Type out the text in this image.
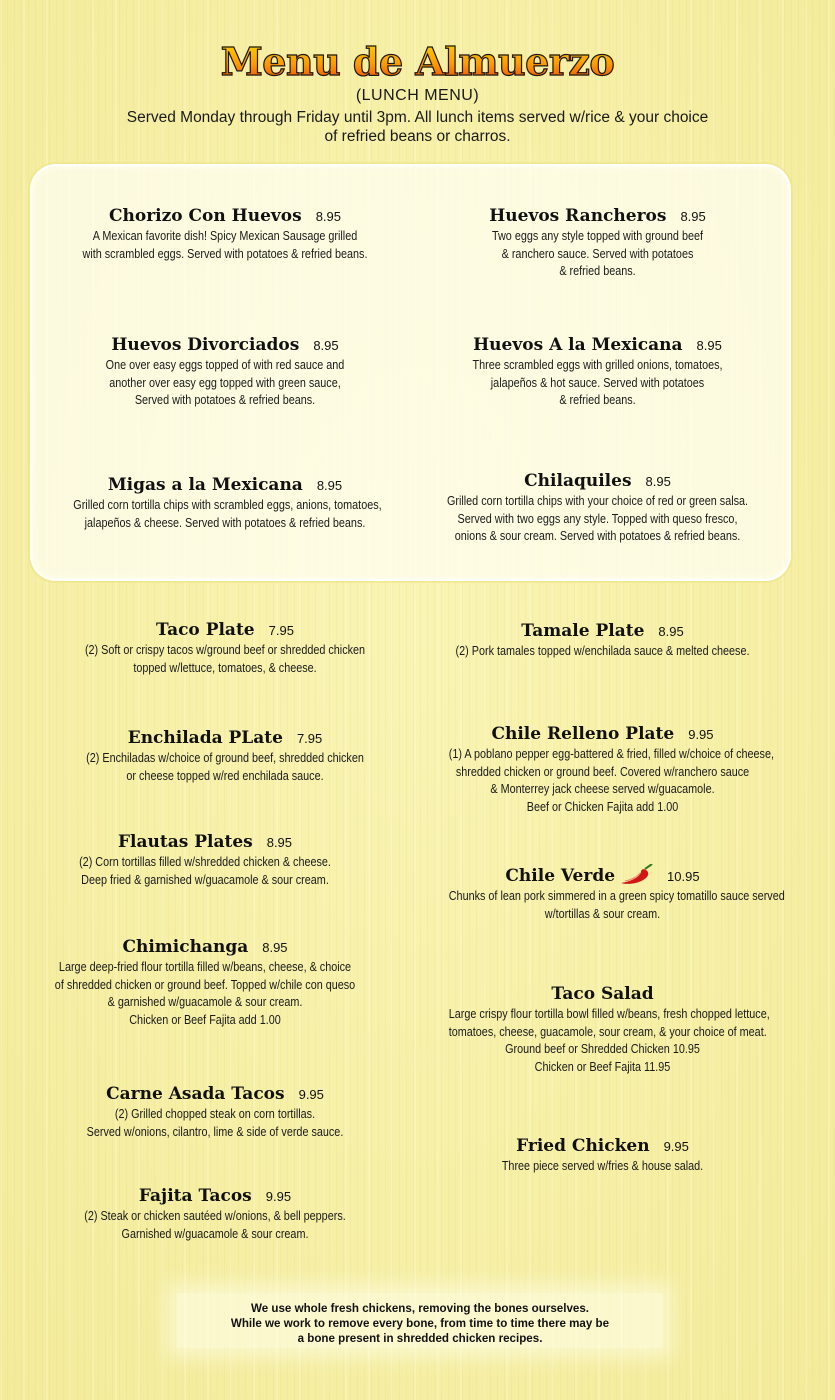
Menu de Almuerzo
(LUNCH MENU)
Served Monday through Friday until 3pm. All lunch items served w/rice & your choice
of refried beans or charros.
Chorizo Con Huevos 8.95
A Mexican favorite dish! Spicy Mexican Sausage grilled
with scrambled eggs. Served with potatoes & refried beans.
Huevos Rancheros 8.95
Two eggs any style topped with ground beef
& ranchero sauce. Served with potatoes
& refried beans.
Huevos Divorciados 8.95
One over easy eggs topped of with red sauce and
another over easy egg topped with green sauce,
Served with potatoes & refried beans.
Huevos A la Mexicana 8.95
Three scrambled eggs with grilled onions, tomatoes,
jalapeños & hot sauce. Served with potatoes
& refried beans.
Migas a la Mexicana 8.95
Grilled corn tortilla chips with scrambled eggs, anions, tomatoes,
jalapeños & cheese. Served with potatoes & refried beans.
Chilaquiles 8.95
Grilled corn tortilla chips with your choice of red or green salsa.
Served with two eggs any style. Topped with queso fresco,
onions & sour cream. Served with potatoes & refried beans.
Taco Plate 7.95
(2) Soft or crispy tacos w/ground beef or shredded chicken
topped w/lettuce, tomatoes, & cheese.
Enchilada PLate 7.95
(2) Enchiladas w/choice of ground beef, shredded chicken
or cheese topped w/red enchilada sauce.
Flautas Plates 8.95
(2) Corn tortillas filled w/shredded chicken & cheese.
Deep fried & garnished w/guacamole & sour cream.
Chimichanga 8.95
Large deep-fried flour tortilla filled w/beans, cheese, & choice
of shredded chicken or ground beef. Topped w/chile con queso
& garnished w/guacamole & sour cream.
Chicken or Beef Fajita add 1.00
Carne Asada Tacos 9.95
(2) Grilled chopped steak on corn tortillas.
Served w/onions, cilantro, lime & side of verde sauce.
Fajita Tacos 9.95
(2) Steak or chicken sautéed w/onions, & bell peppers.
Garnished w/guacamole & sour cream.
Tamale Plate 8.95
(2) Pork tamales topped w/enchilada sauce & melted cheese.
Chile Relleno Plate 9.95
(1) A poblano pepper egg-battered & fried, filled w/choice of cheese,
shredded chicken or ground beef. Covered w/ranchero sauce
& Monterrey jack cheese served w/guacamole.
Beef or Chicken Fajita add 1.00
Chile Verde	10.95
Chunks of lean pork simmered in a green spicy tomatillo sauce served
w/tortillas & sour cream.
Taco Salad
Large crispy flour tortilla bowl filled w/beans, fresh chopped lettuce,
tomatoes, cheese, guacamole, sour cream, & your choice of meat.
Ground beef or Shredded Chicken 10.95
Chicken or Beef Fajita 11.95
Fried Chicken 9.95
Three piece served w/fries & house salad.
We use whole fresh chickens, removing the bones ourselves.
While we work to remove every bone, from time to time there may be
a bone present in shredded chicken recipes.
